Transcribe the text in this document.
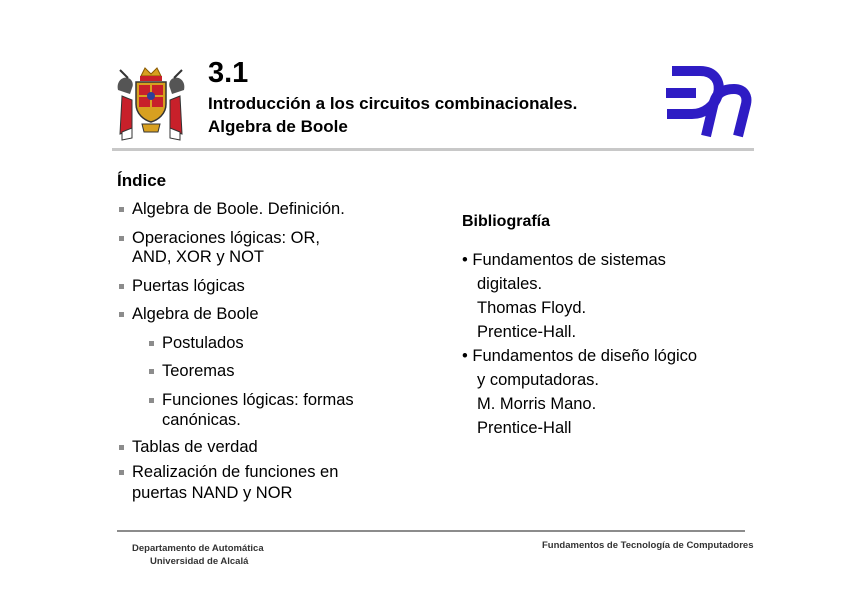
3.1
Introducción a los circuitos combinacionales.
Algebra de Boole
Índice
Algebra de Boole. Definición.
Operaciones lógicas: OR,
AND, XOR y NOT
Puertas lógicas
Algebra de Boole
Postulados
Teoremas
Funciones lógicas: formas
canónicas.
Tablas de verdad
Realización de funciones en
puertas NAND y NOR
Bibliografía
• Fundamentos de sistemas
digitales.
Thomas Floyd.
Prentice-Hall.
• Fundamentos de diseño lógico
y computadoras.
M. Morris Mano.
Prentice-Hall
Departamento de Automática
Universidad de Alcalá
Fundamentos de Tecnología de Computadores
